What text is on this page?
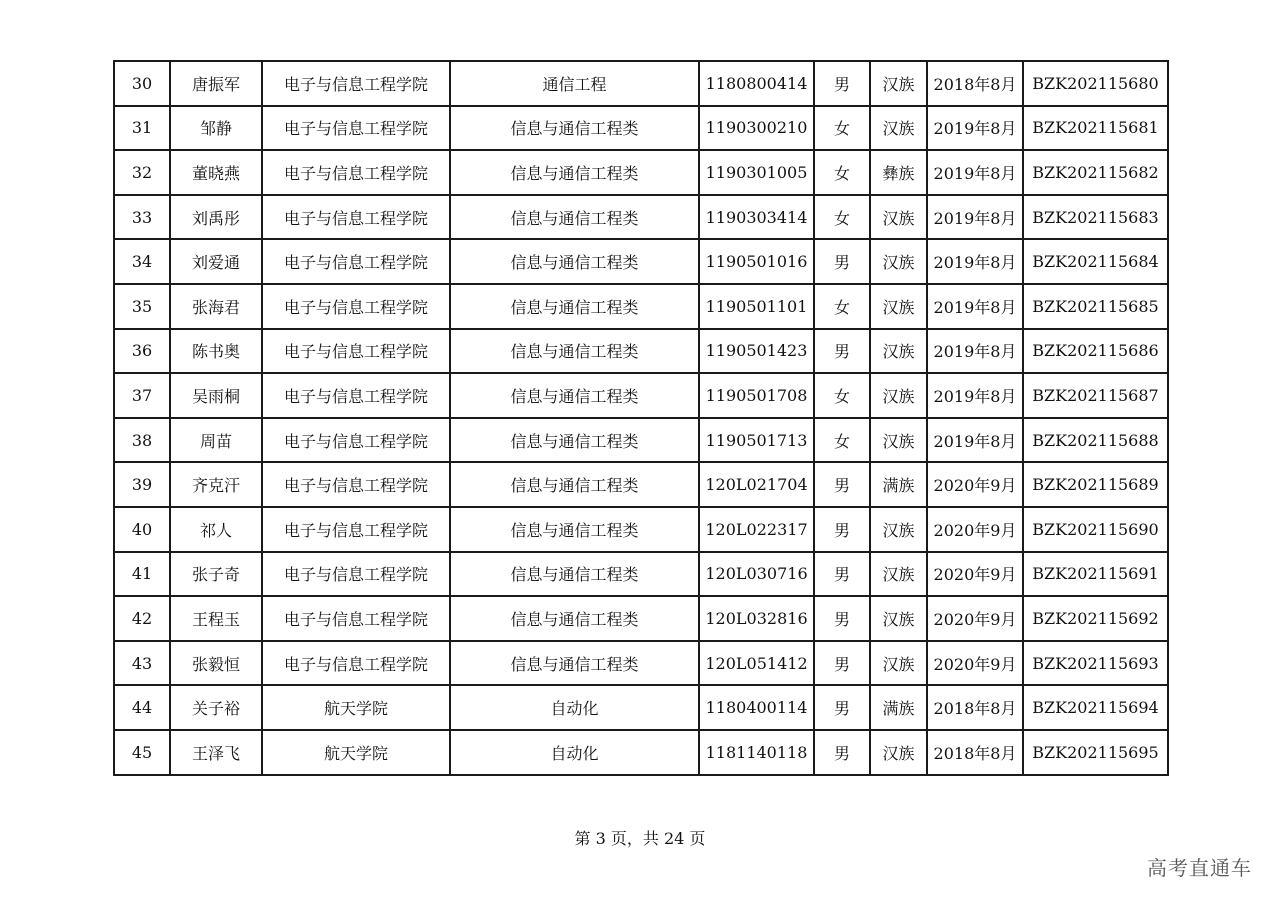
30	唐振军	电子与信息工程学院	通信工程	1180800414	男	汉族	2018年8月	BZK202115680
31	邹静	电子与信息工程学院	信息与通信工程类	1190300210	女	汉族	2019年8月	BZK202115681
32	董晓燕	电子与信息工程学院	信息与通信工程类	1190301005	女	彝族	2019年8月	BZK202115682
33	刘禹彤	电子与信息工程学院	信息与通信工程类	1190303414	女	汉族	2019年8月	BZK202115683
34	刘爱通	电子与信息工程学院	信息与通信工程类	1190501016	男	汉族	2019年8月	BZK202115684
35	张海君	电子与信息工程学院	信息与通信工程类	1190501101	女	汉族	2019年8月	BZK202115685
36	陈书奥	电子与信息工程学院	信息与通信工程类	1190501423	男	汉族	2019年8月	BZK202115686
37	吴雨桐	电子与信息工程学院	信息与通信工程类	1190501708	女	汉族	2019年8月	BZK202115687
38	周苗	电子与信息工程学院	信息与通信工程类	1190501713	女	汉族	2019年8月	BZK202115688
39	齐克汗	电子与信息工程学院	信息与通信工程类	120L021704	男	满族	2020年9月	BZK202115689
40	祁人	电子与信息工程学院	信息与通信工程类	120L022317	男	汉族	2020年9月	BZK202115690
41	张子奇	电子与信息工程学院	信息与通信工程类	120L030716	男	汉族	2020年9月	BZK202115691
42	王程玉	电子与信息工程学院	信息与通信工程类	120L032816	男	汉族	2020年9月	BZK202115692
43	张毅恒	电子与信息工程学院	信息与通信工程类	120L051412	男	汉族	2020年9月	BZK202115693
44	关子裕	航天学院	自动化	1180400114	男	满族	2018年8月	BZK202115694
45	王泽飞	航天学院	自动化	1181140118	男	汉族	2018年8月	BZK202115695
第 3 页，共 24 页
高考直通车
